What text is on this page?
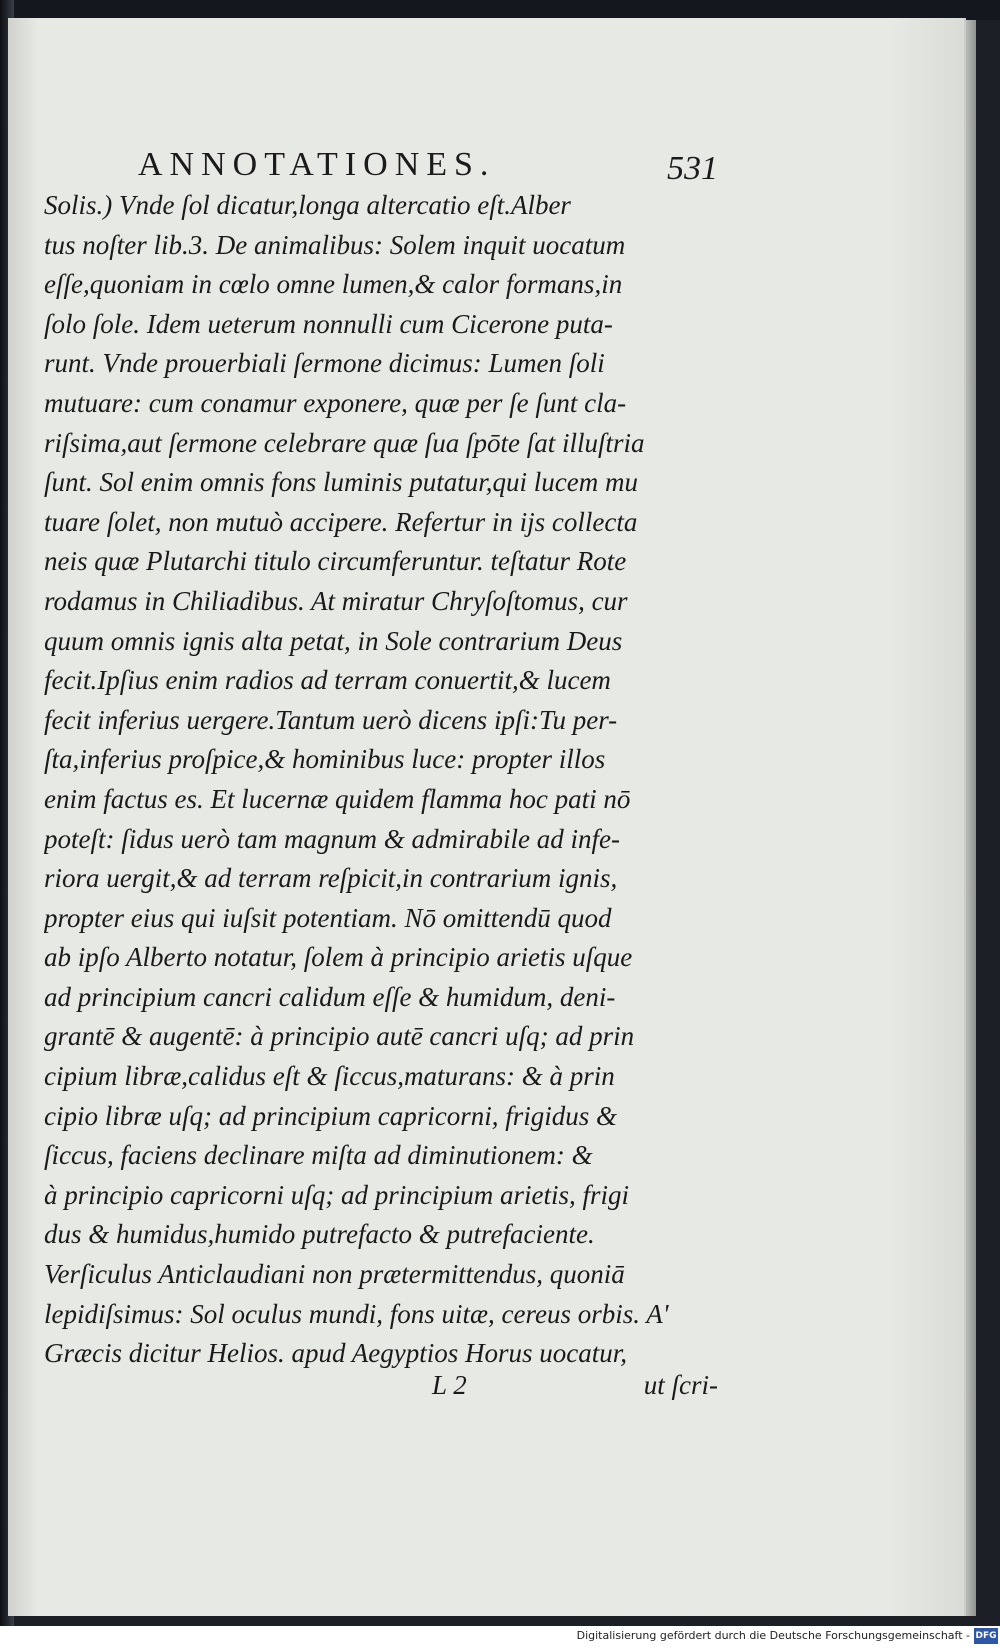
ANNOTATIONES.	531
Solis.) Vnde ſol dicatur,longa altercatio eſt.Alber
tus noſter lib.3. De animalibus: Solem inquit uocatum
eſſe,quoniam in cœlo omne lumen,& calor formans,in
ſolo ſole. Idem ueterum nonnulli cum Cicerone puta-
runt. Vnde prouerbiali ſermone dicimus: Lumen ſoli
mutuare: cum conamur exponere, quæ per ſe ſunt cla-
riſsima,aut ſermone celebrare quæ ſua ſpōte ſat illuſtria
ſunt. Sol enim omnis fons luminis putatur,qui lucem mu
tuare ſolet, non mutuò accipere. Refertur in ijs collecta
neis quæ Plutarchi titulo circumferuntur. teſtatur Rote
rodamus in Chiliadibus. At miratur Chryſoſtomus, cur
quum omnis ignis alta petat, in Sole contrarium Deus
fecit.Ipſius enim radios ad terram conuertit,& lucem
fecit inferius uergere.Tantum uerò dicens ipſi:Tu per-
ſta,inferius proſpice,& hominibus luce: propter illos
enim factus es. Et lucernæ quidem flamma hoc pati nō
poteſt: ſidus uerò tam magnum & admirabile ad infe-
riora uergit,& ad terram reſpicit,in contrarium ignis,
propter eius qui iuſsit potentiam. Nō omittendū quod
ab ipſo Alberto notatur, ſolem à principio arietis uſque
ad principium cancri calidum eſſe & humidum, deni-
grantē & augentē: à principio autē cancri uſq; ad prin
cipium libræ,calidus eſt & ſiccus,maturans: & à prin
cipio libræ uſq; ad principium capricorni, frigidus &
ſiccus, faciens declinare miſta ad diminutionem: &
à principio capricorni uſq; ad principium arietis, frigi
dus & humidus,humido putrefacto & putrefaciente.
Verſiculus Anticlaudiani non prætermittendus, quoniā
lepidiſsimus: Sol oculus mundi, fons uitæ, cereus orbis. A'
Græcis dicitur Helios. apud Aegyptios Horus uocatur,
L 2	ut ſcri-
Digitalisierung gefördert durch die Deutsche Forschungsgemeinschaft - DFG
